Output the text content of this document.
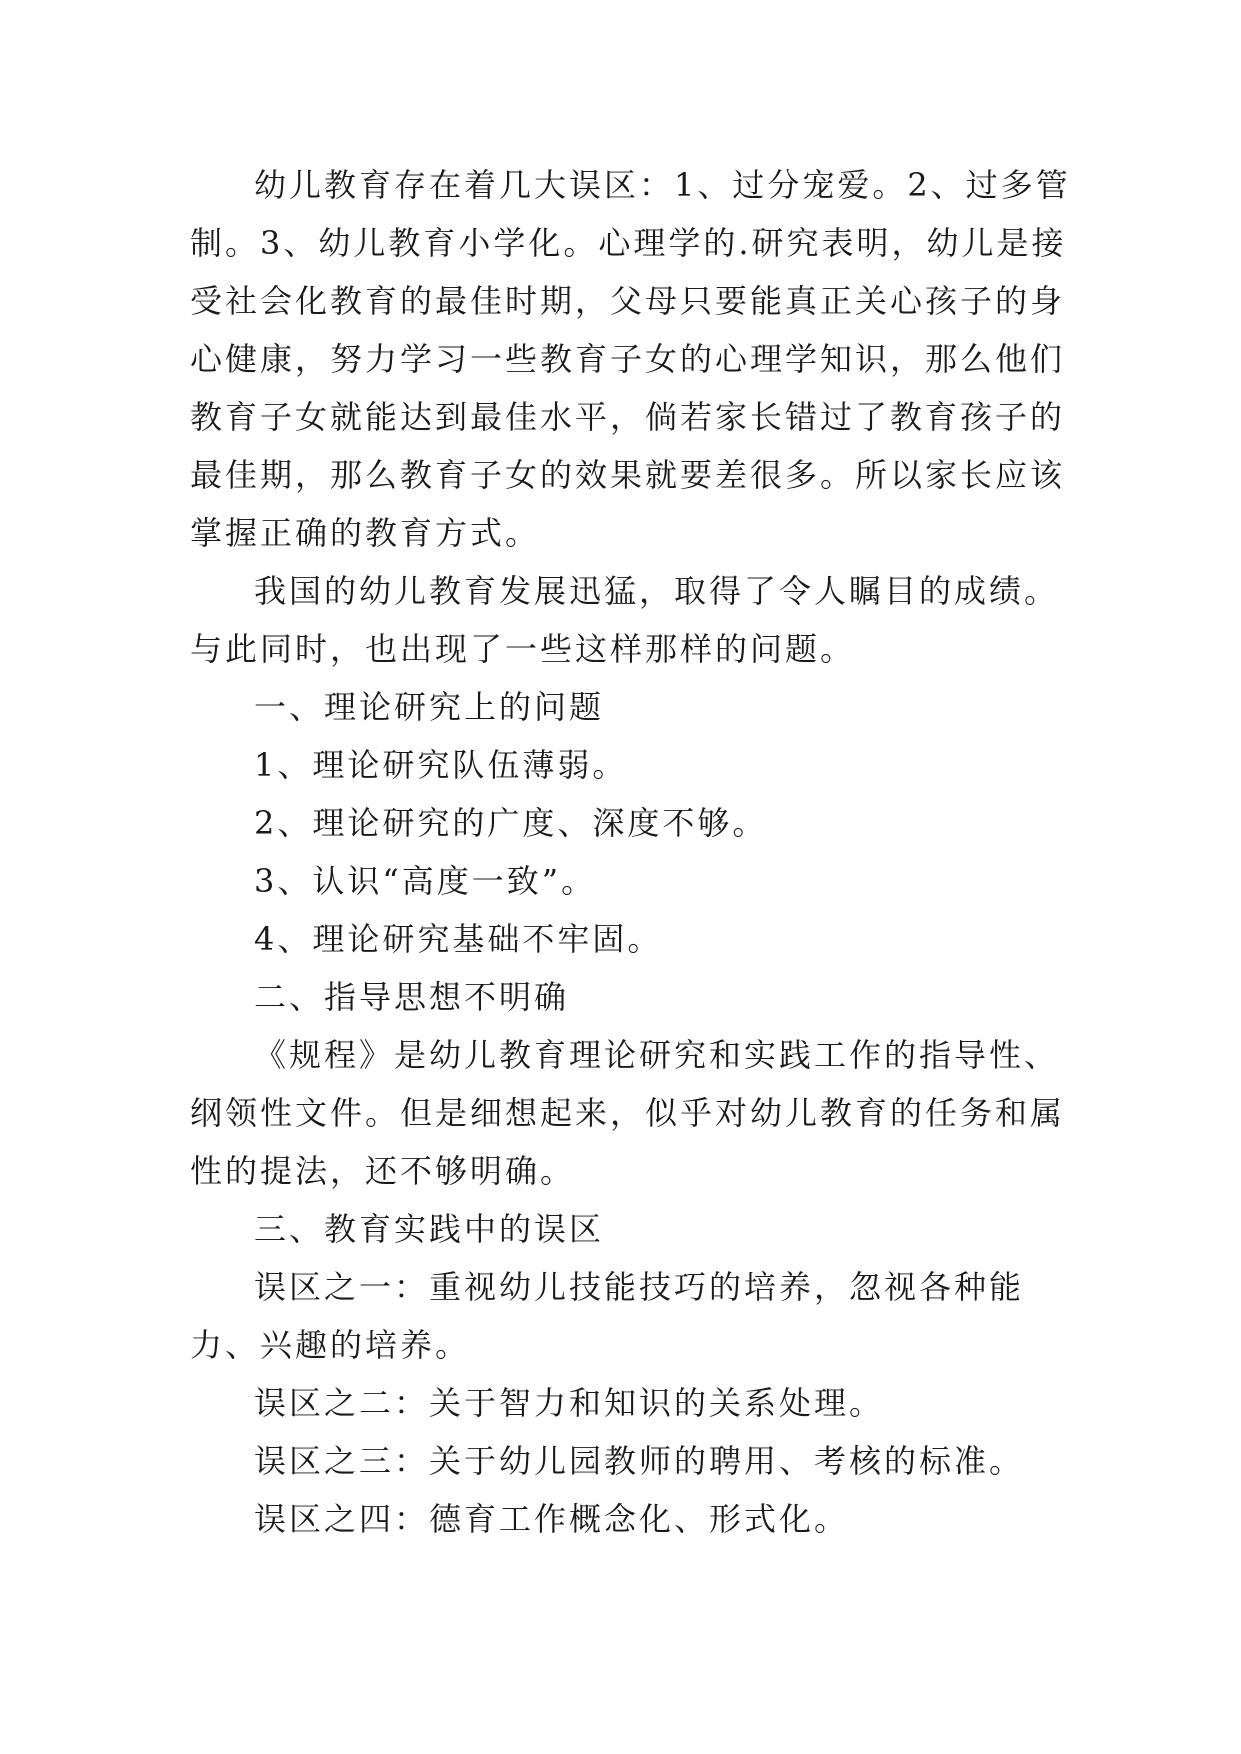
幼儿教育存在着几大误区：1、过分宠爱。2、过多管制。3、幼儿教育小学化。心理学的.研究表明，幼儿是接受社会化教育的最佳时期，父母只要能真正关心孩子的身心健康，努力学习一些教育子女的心理学知识，那么他们教育子女就能达到最佳水平，倘若家长错过了教育孩子的最佳期，那么教育子女的效果就要差很多。所以家长应该掌握正确的教育方式。

我国的幼儿教育发展迅猛，取得了令人瞩目的成绩。与此同时，也出现了一些这样那样的问题。

一、理论研究上的问题

1、理论研究队伍薄弱。

2、理论研究的广度、深度不够。

3、认识“高度一致”。

4、理论研究基础不牢固。

二、指导思想不明确

《规程》是幼儿教育理论研究和实践工作的指导性、纲领性文件。但是细想起来，似乎对幼儿教育的任务和属性的提法，还不够明确。

三、教育实践中的误区

误区之一：重视幼儿技能技巧的培养，忽视各种能力、兴趣的培养。

误区之二：关于智力和知识的关系处理。

误区之三：关于幼儿园教师的聘用、考核的标准。

误区之四：德育工作概念化、形式化。
